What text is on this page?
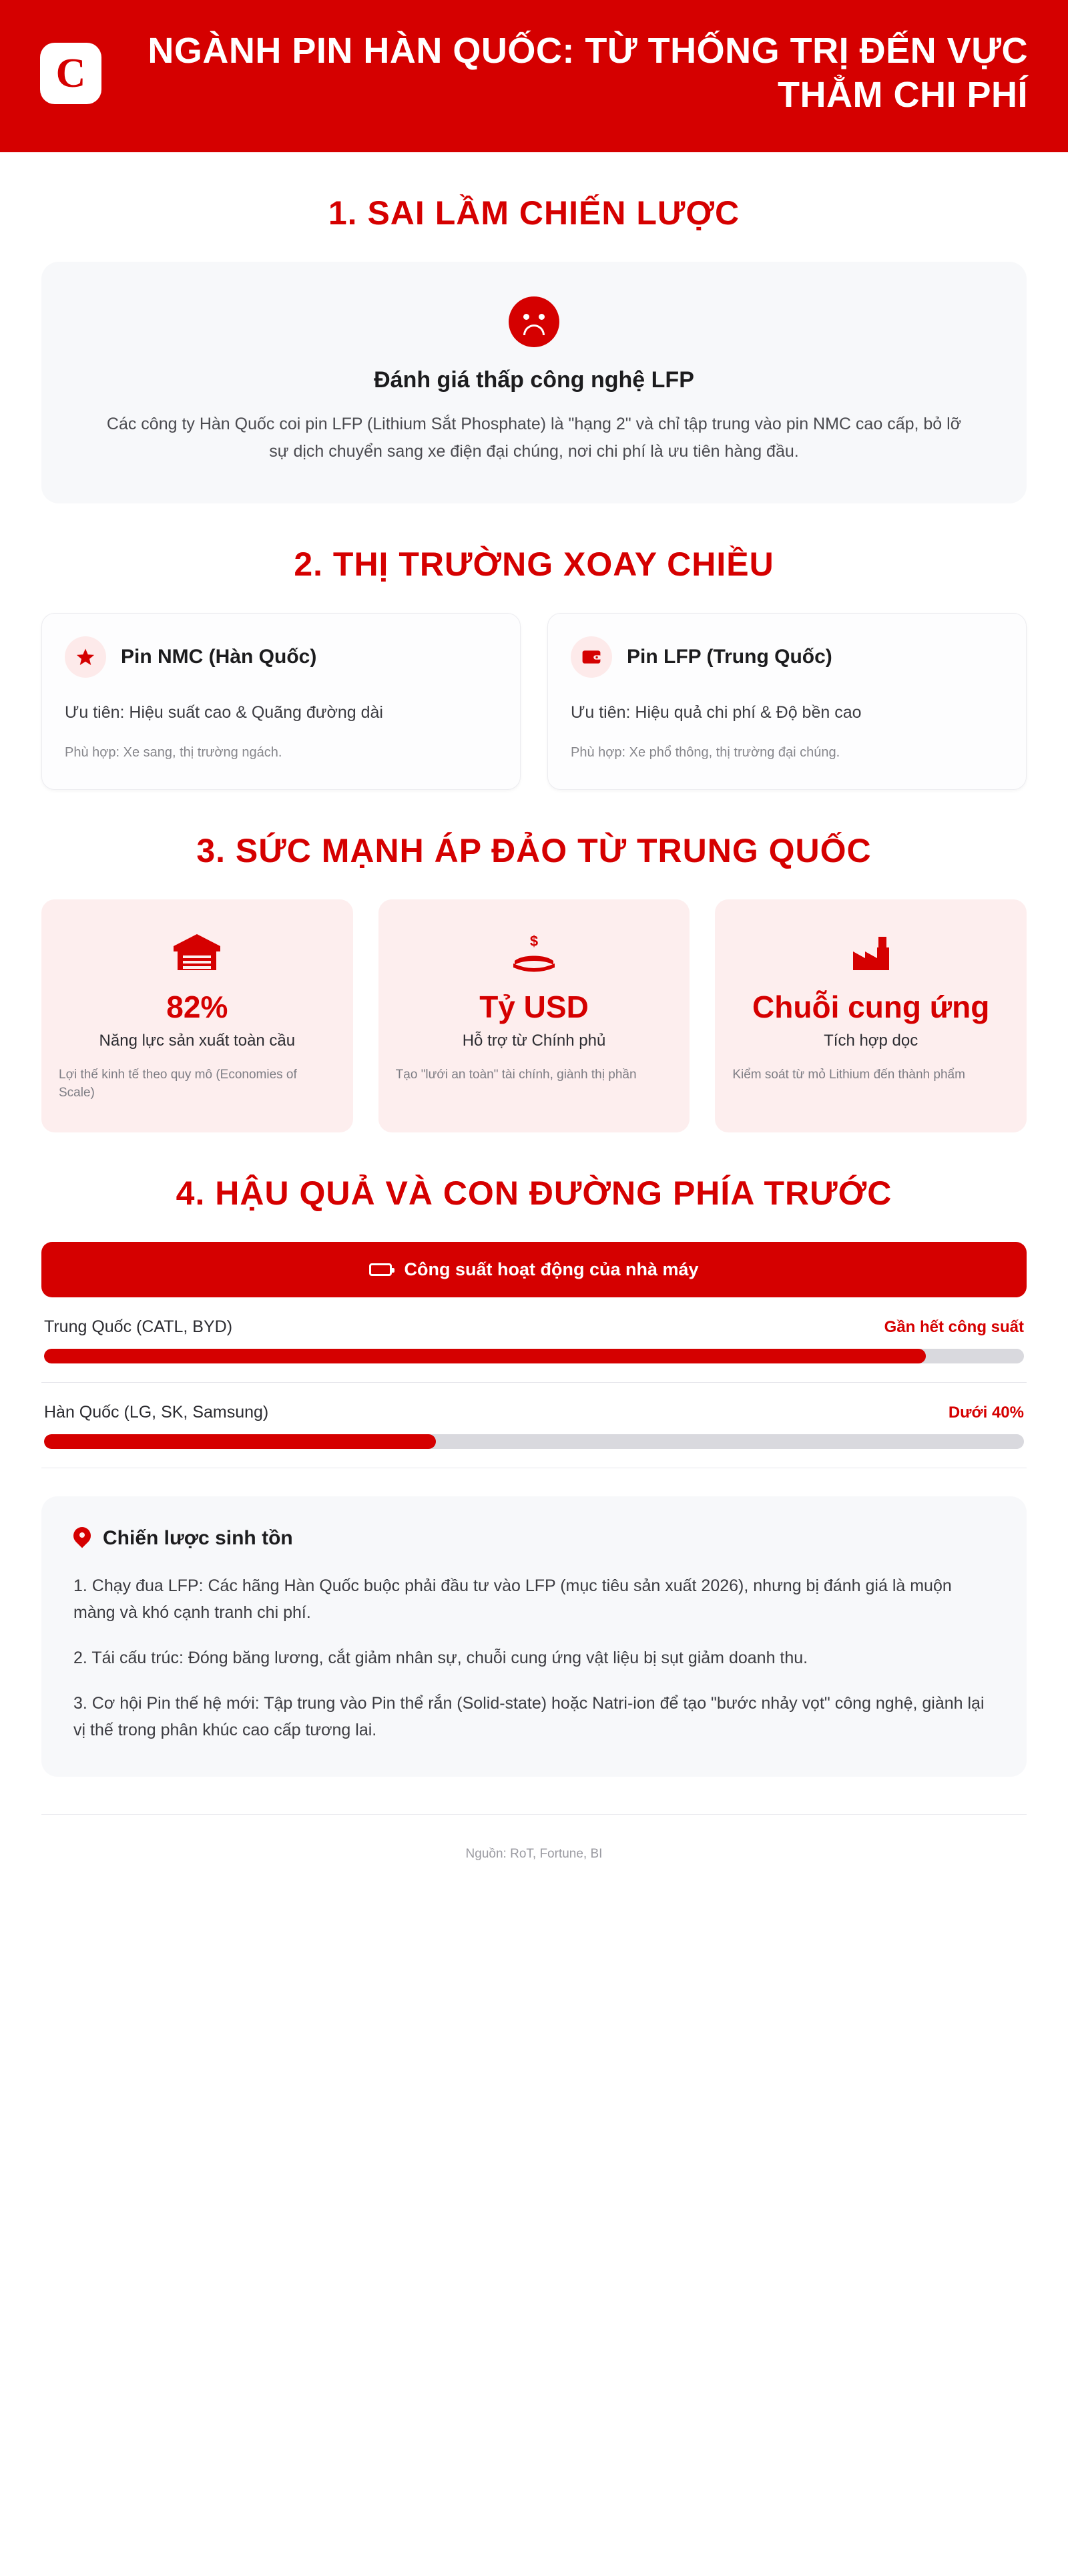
C	NGÀNH PIN HÀN QUỐC: TỪ THỐNG TRỊ ĐẾN VỰC THẲM CHI PHÍ
1. SAI LẦM CHIẾN LƯỢC
Đánh giá thấp công nghệ LFP

Các công ty Hàn Quốc coi pin LFP (Lithium Sắt Phosphate) là "hạng 2" và chỉ tập trung vào pin NMC cao cấp, bỏ lỡ sự dịch chuyển sang xe điện đại chúng, nơi chi phí là ưu tiên hàng đầu.

2. THỊ TRƯỜNG XOAY CHIỀU
Pin NMC (Hàn Quốc)
Ưu tiên: Hiệu suất cao & Quãng đường dài
Phù hợp: Xe sang, thị trường ngách.
Pin LFP (Trung Quốc)
Ưu tiên: Hiệu quả chi phí & Độ bền cao
Phù hợp: Xe phổ thông, thị trường đại chúng.
3. SỨC MẠNH ÁP ĐẢO TỪ TRUNG QUỐC
82%
Năng lực sản xuất toàn cầu
Lợi thế kinh tế theo quy mô (Economies of Scale)
$
Tỷ USD
Hỗ trợ từ Chính phủ
Tạo "lưới an toàn" tài chính, giành thị phần
Chuỗi cung ứng
Tích hợp dọc
Kiểm soát từ mỏ Lithium đến thành phẩm
4. HẬU QUẢ VÀ CON ĐƯỜNG PHÍA TRƯỚC
Công suất hoạt động của nhà máy
Trung Quốc (CATL, BYD)	Gần hết công suất
Hàn Quốc (LG, SK, Samsung)	Dưới 40%
Chiến lược sinh tồn

1. Chạy đua LFP: Các hãng Hàn Quốc buộc phải đầu tư vào LFP (mục tiêu sản xuất 2026), nhưng bị đánh giá là muộn màng và khó cạnh tranh chi phí.

2. Tái cấu trúc: Đóng băng lương, cắt giảm nhân sự, chuỗi cung ứng vật liệu bị sụt giảm doanh thu.

3. Cơ hội Pin thế hệ mới: Tập trung vào Pin thể rắn (Solid-state) hoặc Natri-ion để tạo "bước nhảy vọt" công nghệ, giành lại vị thế trong phân khúc cao cấp tương lai.

Nguồn: RoT, Fortune, BI
